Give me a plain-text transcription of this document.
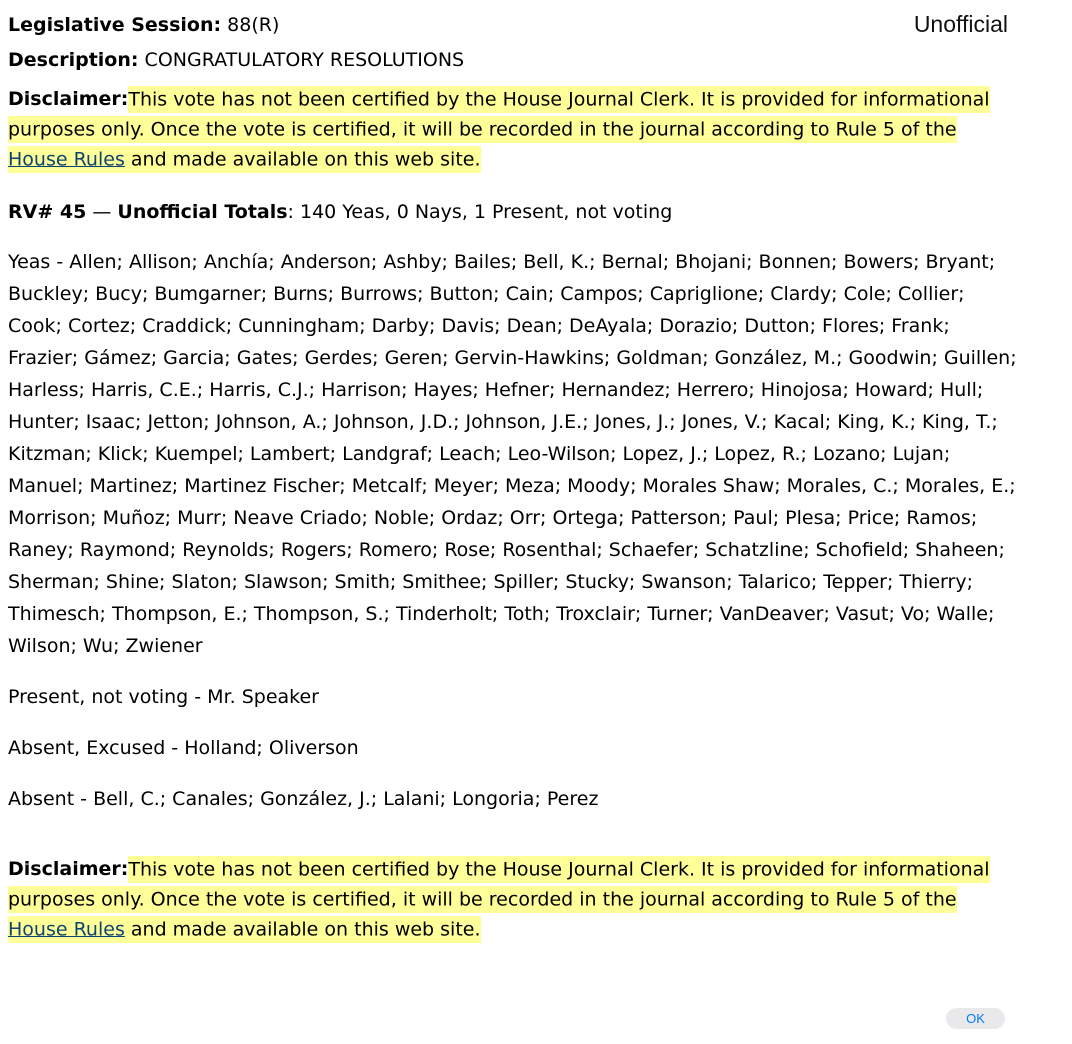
Legislative Session: 88(R)	Unofficial
Description: CONGRATULATORY RESOLUTIONS

Disclaimer:This vote has not been certified by the House Journal Clerk. It is provided for informational purposes only. Once the vote is certified, it will be recorded in the journal according to Rule 5 of the House Rules and made available on this web site.

RV# 45 — Unofficial Totals: 140 Yeas, 0 Nays, 1 Present, not voting

Yeas - Allen; Allison; Anchía; Anderson; Ashby; Bailes; Bell, K.; Bernal; Bhojani; Bonnen; Bowers; Bryant; Buckley; Bucy; Bumgarner; Burns; Burrows; Button; Cain; Campos; Capriglione; Clardy; Cole; Collier; Cook; Cortez; Craddick; Cunningham; Darby; Davis; Dean; DeAyala; Dorazio; Dutton; Flores; Frank; Frazier; Gámez; Garcia; Gates; Gerdes; Geren; Gervin-Hawkins; Goldman; González, M.; Goodwin; Guillen; Harless; Harris, C.E.; Harris, C.J.; Harrison; Hayes; Hefner; Hernandez; Herrero; Hinojosa; Howard; Hull; Hunter; Isaac; Jetton; Johnson, A.; Johnson, J.D.; Johnson, J.E.; Jones, J.; Jones, V.; Kacal; King, K.; King, T.; Kitzman; Klick; Kuempel; Lambert; Landgraf; Leach; Leo-Wilson; Lopez, J.; Lopez, R.; Lozano; Lujan; Manuel; Martinez; Martinez Fischer; Metcalf; Meyer; Meza; Moody; Morales Shaw; Morales, C.; Morales, E.; Morrison; Muñoz; Murr; Neave Criado; Noble; Ordaz; Orr; Ortega; Patterson; Paul; Plesa; Price; Ramos; Raney; Raymond; Reynolds; Rogers; Romero; Rose; Rosenthal; Schaefer; Schatzline; Schofield; Shaheen; Sherman; Shine; Slaton; Slawson; Smith; Smithee; Spiller; Stucky; Swanson; Talarico; Tepper; Thierry; Thimesch; Thompson, E.; Thompson, S.; Tinderholt; Toth; Troxclair; Turner; VanDeaver; Vasut; Vo; Walle; Wilson; Wu; Zwiener

Present, not voting - Mr. Speaker

Absent, Excused - Holland; Oliverson

Absent - Bell, C.; Canales; González, J.; Lalani; Longoria; Perez

Disclaimer:This vote has not been certified by the House Journal Clerk. It is provided for informational purposes only. Once the vote is certified, it will be recorded in the journal according to Rule 5 of the House Rules and made available on this web site.

OK
